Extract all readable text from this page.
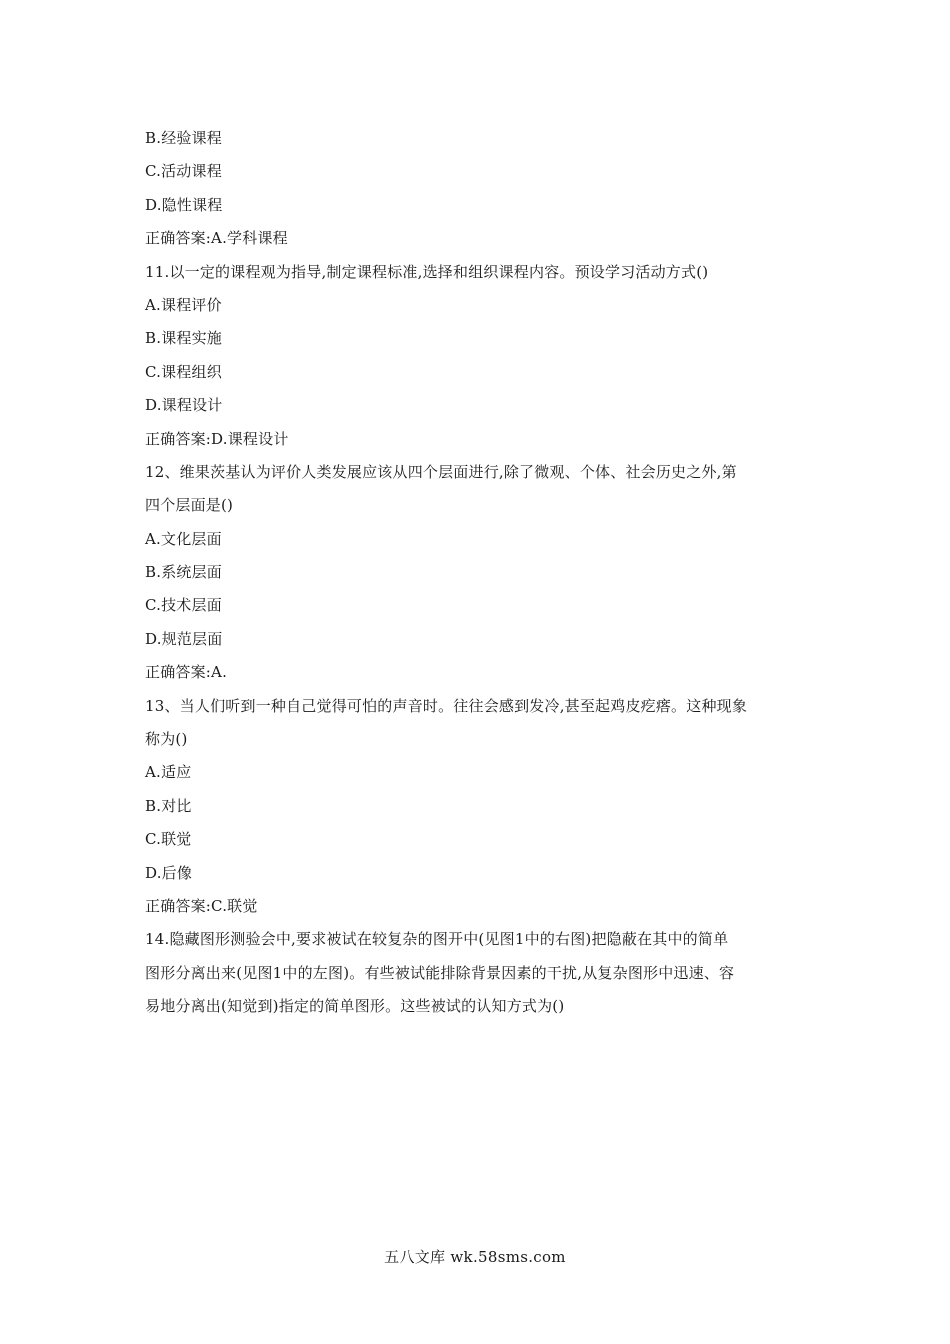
B.经验课程
C.活动课程
D.隐性课程
正确答案:A.学科课程
11.以一定的课程观为指导,制定课程标准,选择和组织课程内容。预设学习活动方式()
A.课程评价
B.课程实施
C.课程组织
D.课程设计
正确答案:D.课程设计
12、维果茨基认为评价人类发展应该从四个层面进行,除了微观、个体、社会历史之外,第
四个层面是()
A.文化层面
B.系统层面
C.技术层面
D.规范层面
正确答案:A.
13、当人们听到一种自己觉得可怕的声音时。往往会感到发冷,甚至起鸡皮疙瘩。这种现象
称为()
A.适应
B.对比
C.联觉
D.后像
正确答案:C.联觉
14.隐藏图形测验会中,要求被试在较复杂的图开中(见图1中的右图)把隐蔽在其中的简单
图形分离出来(见图1中的左图)。有些被试能排除背景因素的干扰,从复杂图形中迅速、容
易地分离出(知觉到)指定的简单图形。这些被试的认知方式为()
五八文库 wk.58sms.com
